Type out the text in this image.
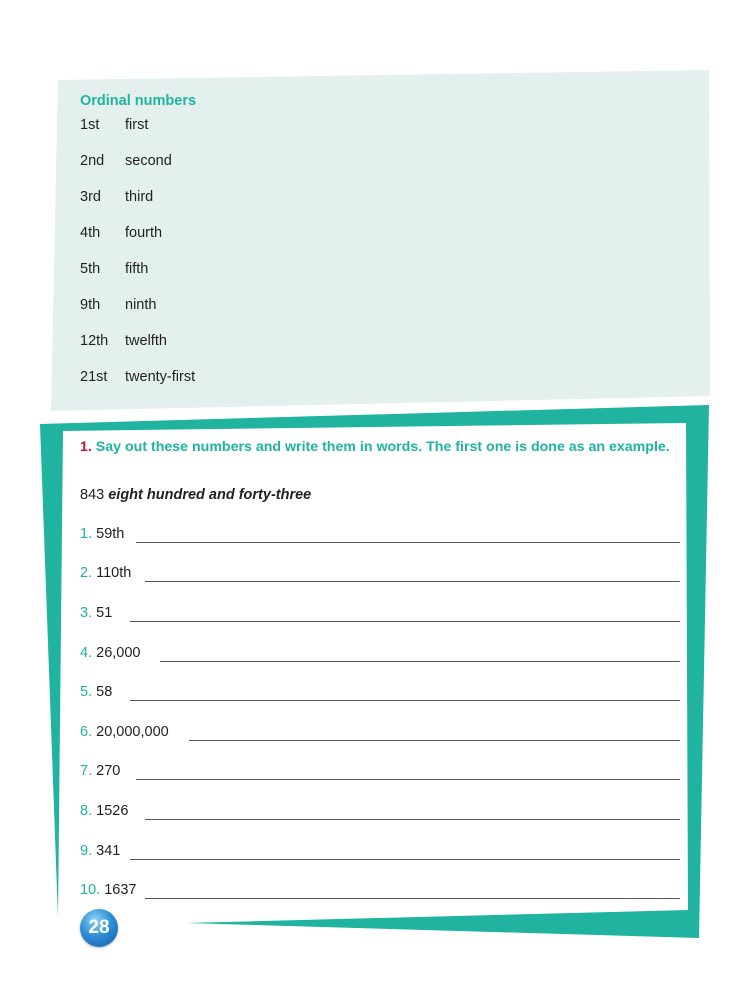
Ordinal numbers
1st first
2nd second
3rd third
4th fourth
5th fifth
9th ninth
12th twelfth
21st twenty-first
1. Say out these numbers and write them in words. The first one is done as an example.
843 eight hundred and forty-three
1. 59th
2. 110th
3. 51
4. 26,000
5. 58
6. 20,000,000
7. 270
8. 1526
9. 341
10. 1637
28
